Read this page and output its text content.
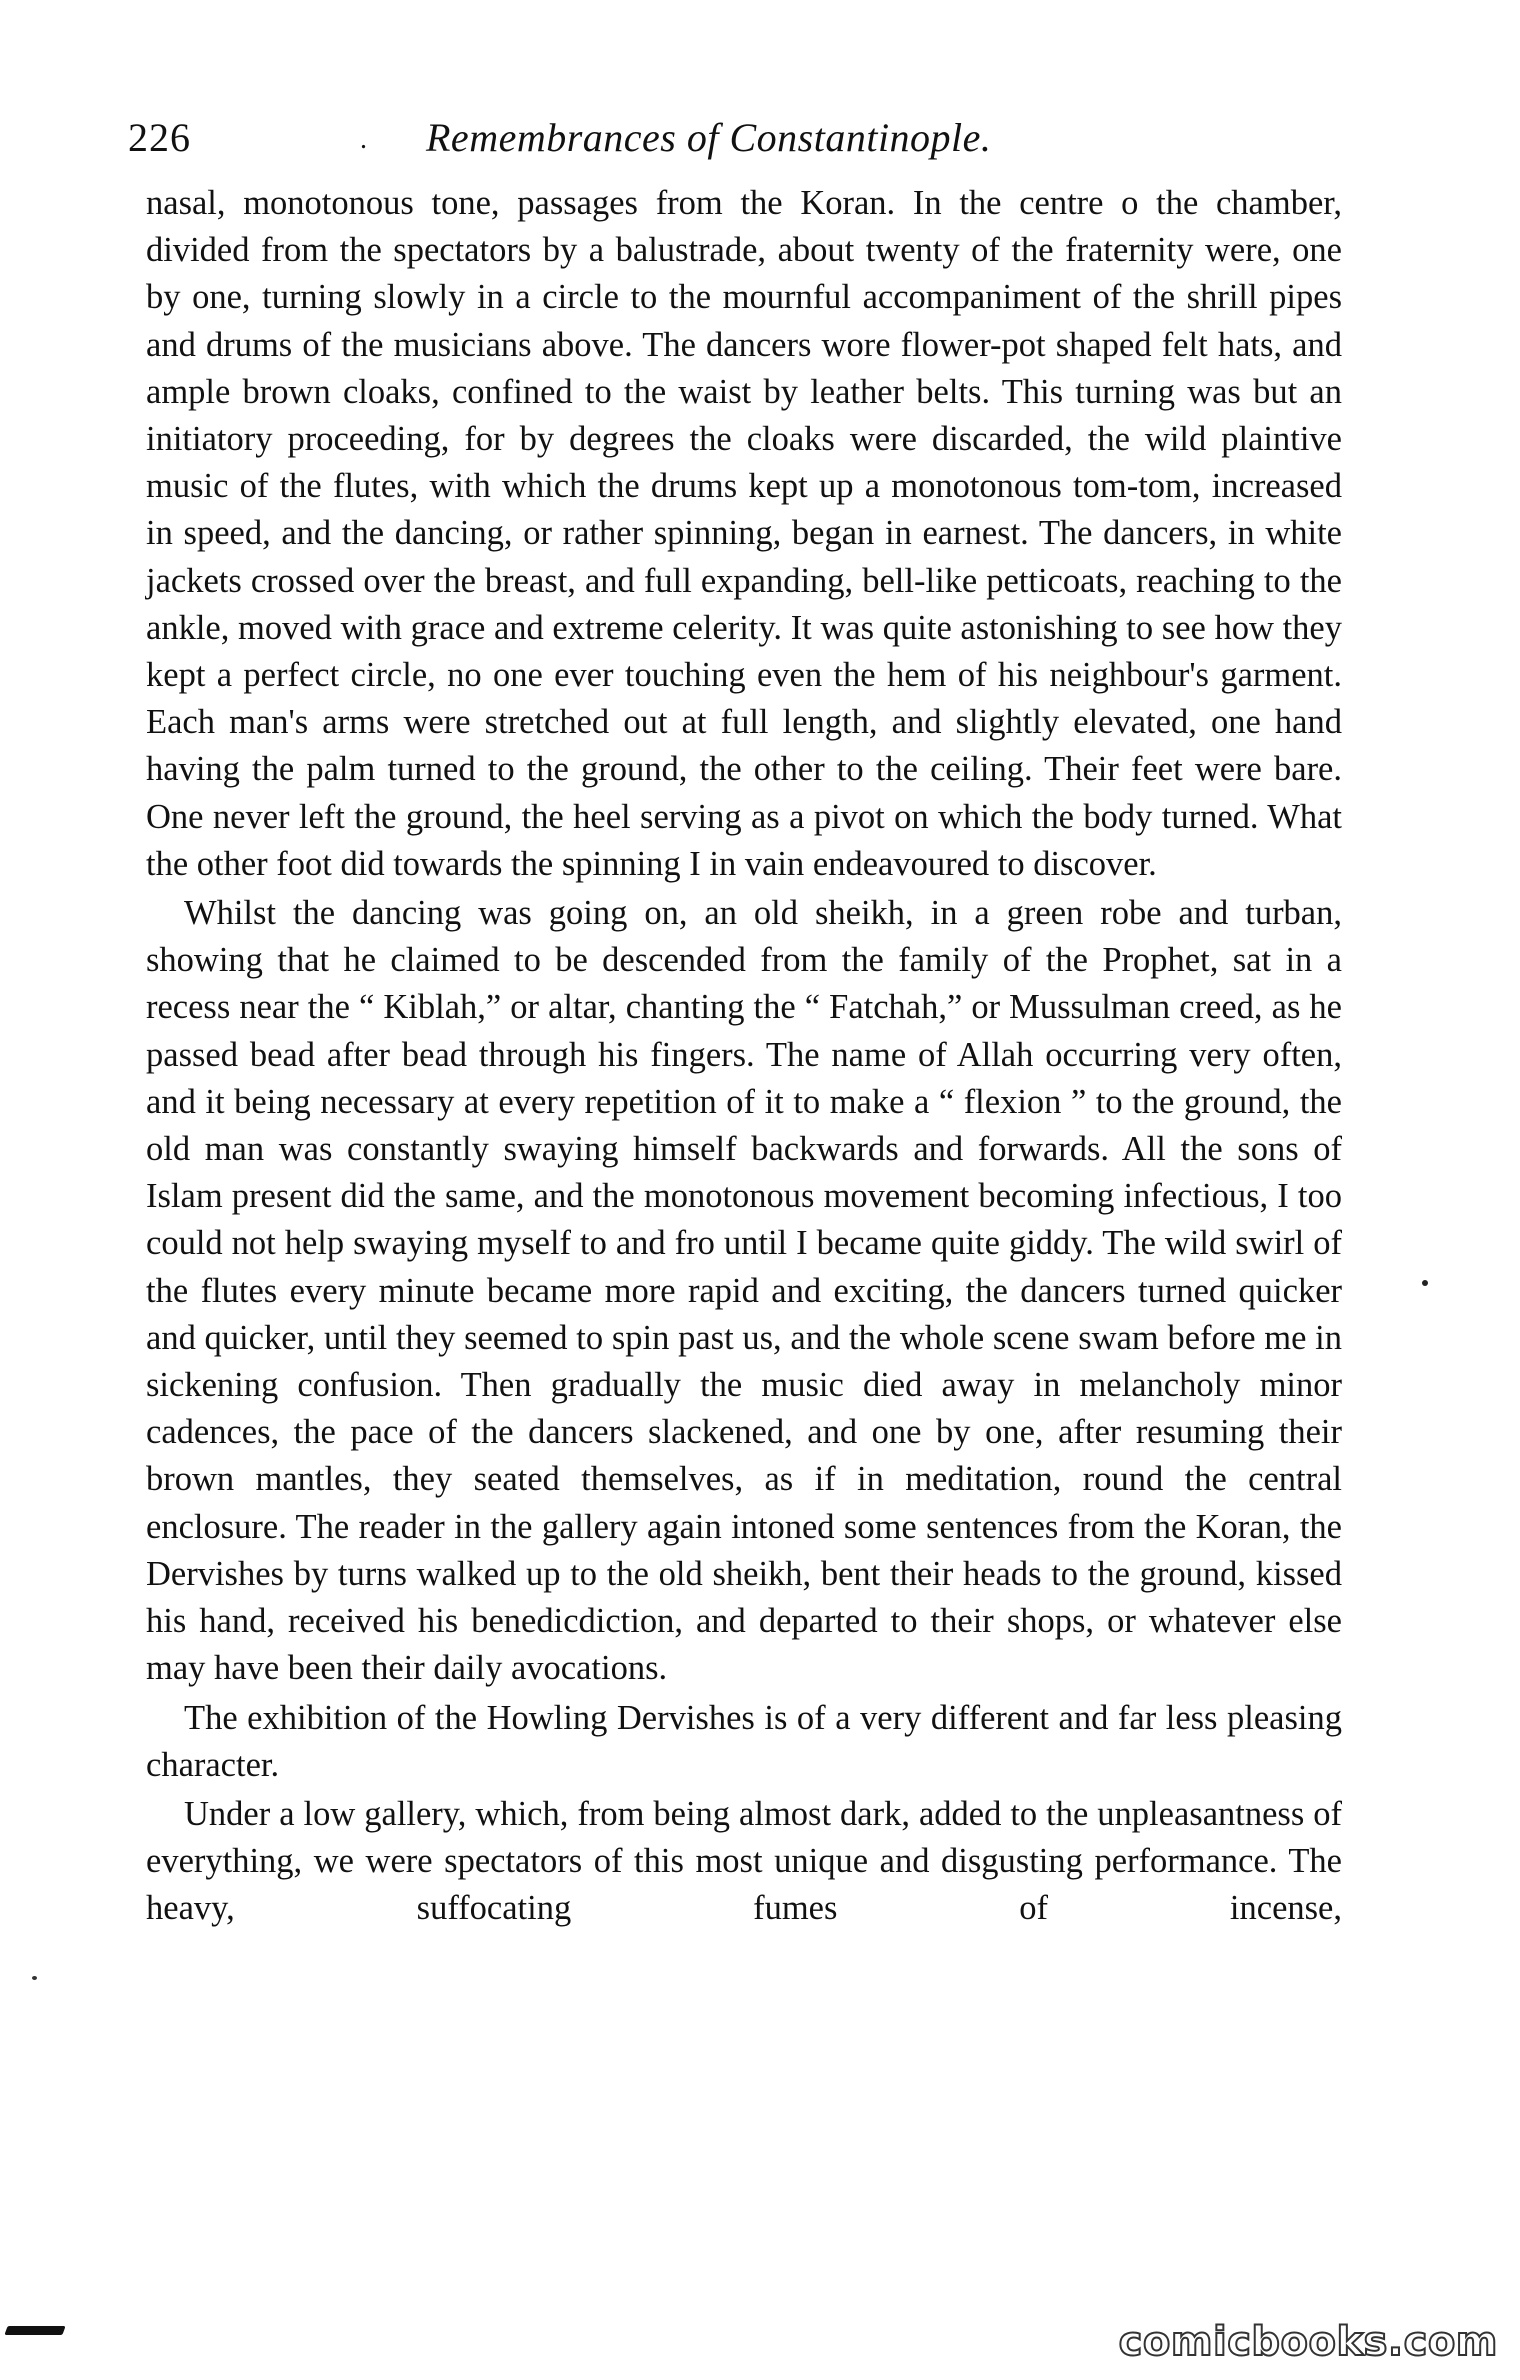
226	. Remembrances of Constantinople.

nasal, monotonous tone, passages from the Koran. In the centre o the chamber, divided from the spectators by a balustrade, about twenty of the fraternity were, one by one, turning slowly in a circle to the mournful accompaniment of the shrill pipes and drums of the musicians above. The dancers wore flower-pot shaped felt hats, and ample brown cloaks, confined to the waist by leather belts. This turning was but an initiatory proceeding, for by degrees the cloaks were discarded, the wild plaintive music of the flutes, with which the drums kept up a monotonous tom-tom, increased in speed, and the dancing, or rather spinning, began in earnest. The dancers, in white jackets crossed over the breast, and full expanding, bell-like petticoats, reaching to the ankle, moved with grace and extreme celerity. It was quite astonishing to see how they kept a perfect circle, no one ever touching even the hem of his neighbour's garment. Each man's arms were stretched out at full length, and slightly elevated, one hand having the palm turned to the ground, the other to the ceiling. Their feet were bare. One never left the ground, the heel serving as a pivot on which the body turned. What the other foot did towards the spinning I in vain endeavoured to discover.

Whilst the dancing was going on, an old sheikh, in a green robe and turban, showing that he claimed to be descended from the family of the Prophet, sat in a recess near the “ Kiblah,” or altar, chanting the “ Fatchah,” or Mussulman creed, as he passed bead after bead through his fingers. The name of Allah occurring very often, and it being necessary at every repetition of it to make a “ flexion ” to the ground, the old man was constantly swaying himself backwards and forwards. All the sons of Islam present did the same, and the monotonous movement becoming infectious, I too could not help swaying myself to and fro until I became quite giddy. The wild swirl of the flutes every minute became more rapid and exciting, the dancers turned quicker and quicker, until they seemed to spin past us, and the whole scene swam before me in sickening confusion. Then gradually the music died away in melancholy minor cadences, the pace of the dancers slackened, and one by one, after resuming their brown mantles, they seated themselves, as if in meditation, round the central enclosure. The reader in the gallery again intoned some sentences from the Koran, the Dervishes by turns walked up to the old sheikh, bent their heads to the ground, kissed his hand, received his benedicdiction, and departed to their shops, or whatever else may have been their daily avocations.

The exhibition of the Howling Dervishes is of a very different and far less pleasing character.

Under a low gallery, which, from being almost dark, added to the unpleasantness of everything, we were spectators of this most unique and disgusting performance. The heavy, suffocating fumes of incense,

comicbooks.com
